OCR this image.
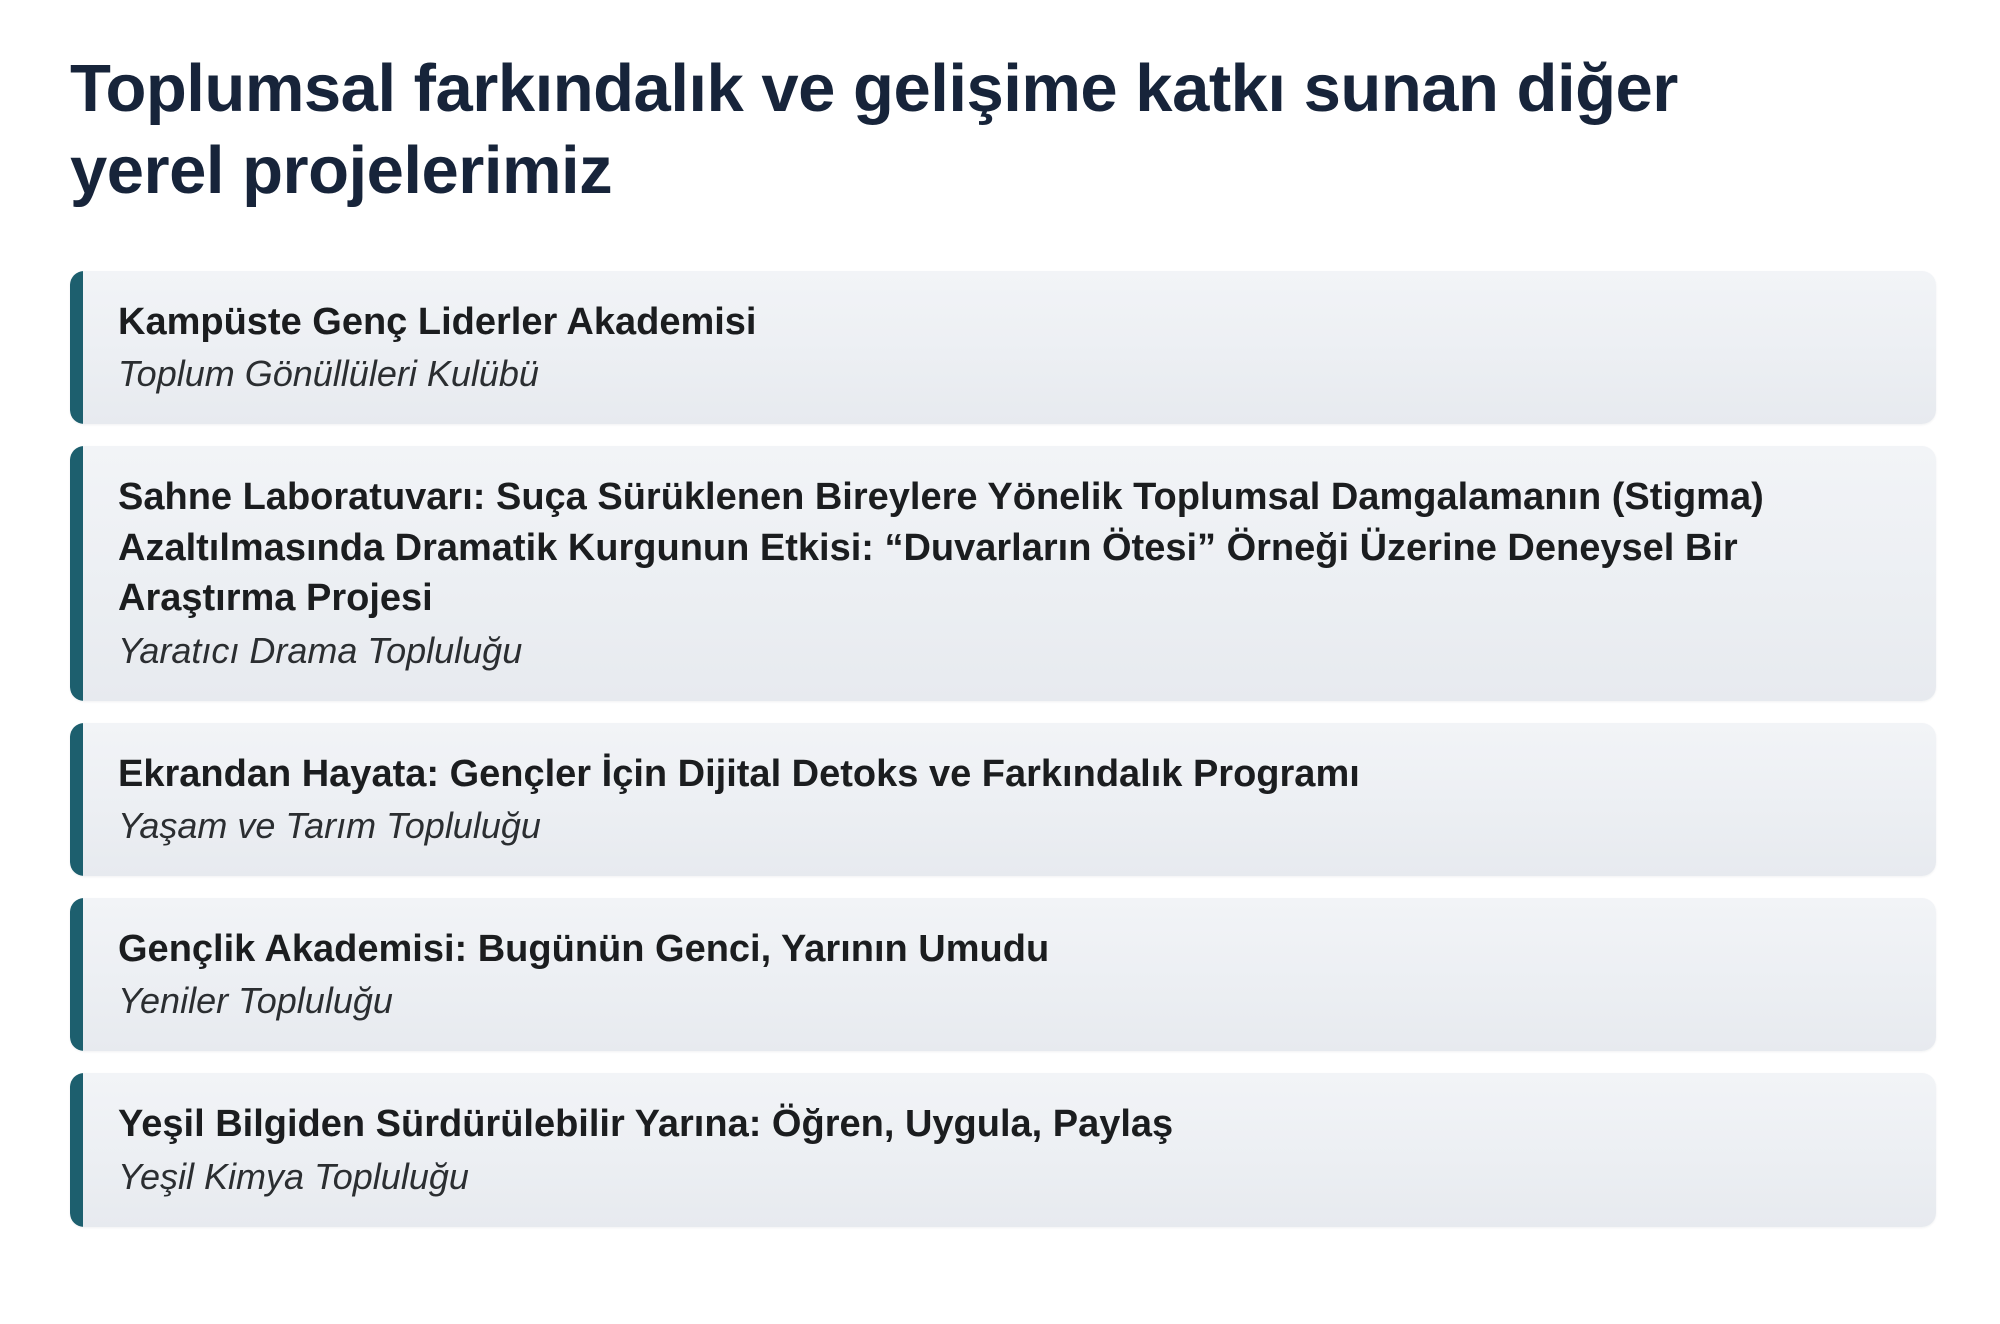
Toplumsal farkındalık ve gelişime katkı sunan diğer yerel projelerimiz

Kampüste Genç Liderler Akademisi

Toplum Gönüllüleri Kulübü

Sahne Laboratuvarı: Suça Sürüklenen Bireylere Yönelik Toplumsal Damgalamanın (Stigma) Azaltılmasında Dramatik Kurgunun Etkisi: “Duvarların Ötesi” Örneği Üzerine Deneysel Bir Araştırma Projesi

Yaratıcı Drama Topluluğu

Ekrandan Hayata: Gençler İçin Dijital Detoks ve Farkındalık Programı

Yaşam ve Tarım Topluluğu

Gençlik Akademisi: Bugünün Genci, Yarının Umudu

Yeniler Topluluğu

Yeşil Bilgiden Sürdürülebilir Yarına: Öğren, Uygula, Paylaş

Yeşil Kimya Topluluğu
